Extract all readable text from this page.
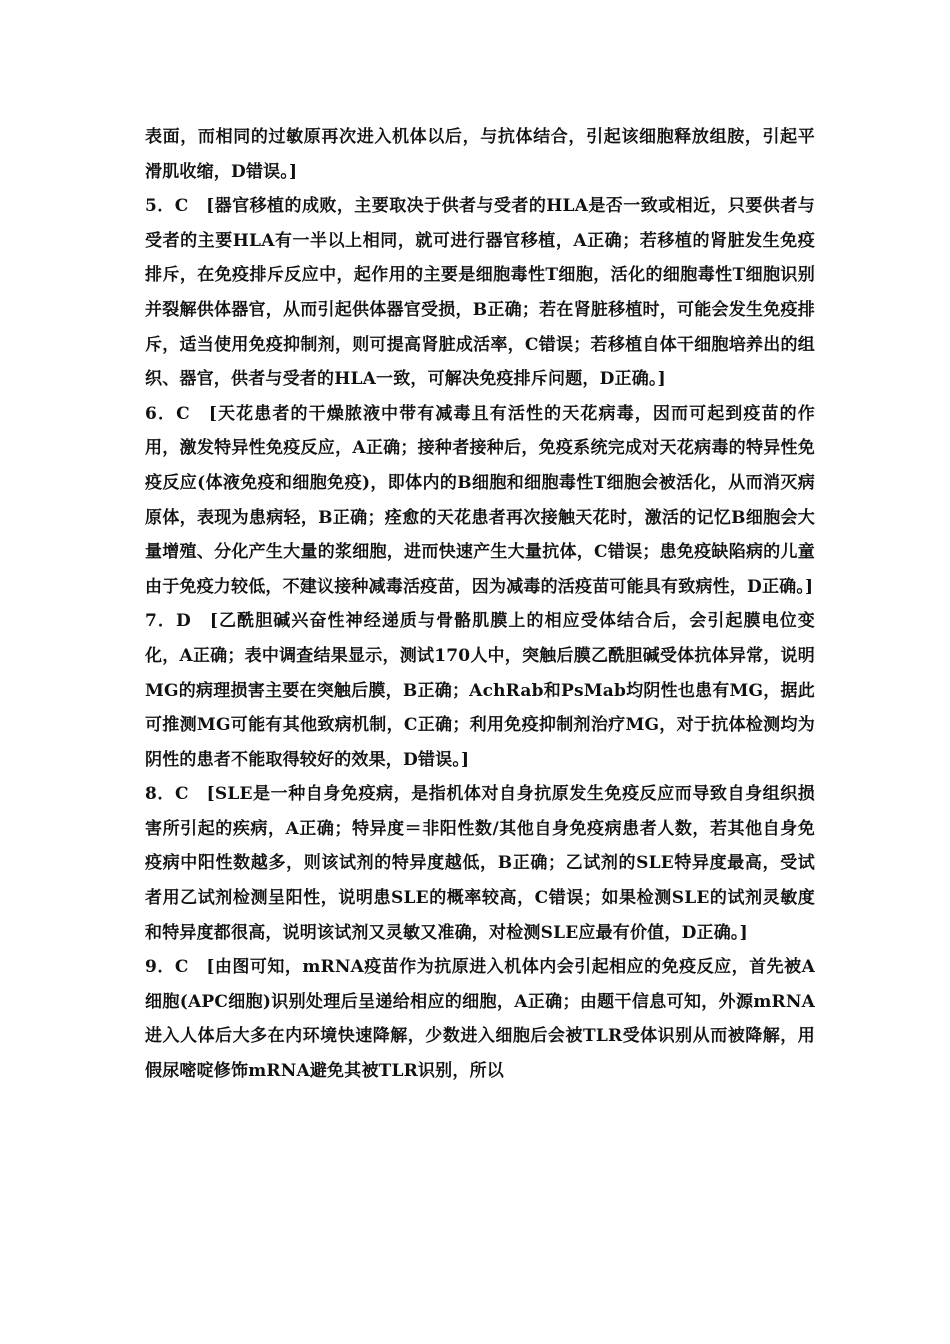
表面，而相同的过敏原再次进入机体以后，与抗体结合，引起该细胞释放组胺，引起平滑肌收缩，D错误。]

5．C　[器官移植的成败，主要取决于供者与受者的HLA是否一致或相近，只要供者与受者的主要HLA有一半以上相同，就可进行器官移植，A正确；若移植的肾脏发生免疫排斥，在免疫排斥反应中，起作用的主要是细胞毒性T细胞，活化的细胞毒性T细胞识别并裂解供体器官，从而引起供体器官受损，B正确；若在肾脏移植时，可能会发生免疫排斥，适当使用免疫抑制剂，则可提高肾脏成活率，C错误；若移植自体干细胞培养出的组织、器官，供者与受者的HLA一致，可解决免疫排斥问题，D正确。]

6．C　[天花患者的干燥脓液中带有减毒且有活性的天花病毒，因而可起到疫苗的作用，激发特异性免疫反应，A正确；接种者接种后，免疫系统完成对天花病毒的特异性免疫反应(体液免疫和细胞免疫)，即体内的B细胞和细胞毒性T细胞会被活化，从而消灭病原体，表现为患病轻，B正确；痊愈的天花患者再次接触天花时，激活的记忆B细胞会大量增殖、分化产生大量的浆细胞，进而快速产生大量抗体，C错误；患免疫缺陷病的儿童由于免疫力较低，不建议接种减毒活疫苗，因为减毒的活疫苗可能具有致病性，D正确。]

7．D　[乙酰胆碱兴奋性神经递质与骨骼肌膜上的相应受体结合后，会引起膜电位变化，A正确；表中调查结果显示，测试170人中，突触后膜乙酰胆碱受体抗体异常，说明MG的病理损害主要在突触后膜，B正确；AchRab和PsMab均阴性也患有MG，据此可推测MG可能有其他致病机制，C正确；利用免疫抑制剂治疗MG，对于抗体检测均为阴性的患者不能取得较好的效果，D错误。]

8．C　[SLE是一种自身免疫病，是指机体对自身抗原发生免疫反应而导致自身组织损害所引起的疾病，A正确；特异度＝非阳性数/其他自身免疫病患者人数，若其他自身免疫病中阳性数越多，则该试剂的特异度越低，B正确；乙试剂的SLE特异度最高，受试者用乙试剂检测呈阳性，说明患SLE的概率较高，C错误；如果检测SLE的试剂灵敏度和特异度都很高，说明该试剂又灵敏又准确，对检测SLE应最有价值，D正确。]

9．C　[由图可知，mRNA疫苗作为抗原进入机体内会引起相应的免疫反应，首先被A细胞(APC细胞)识别处理后呈递给相应的细胞，A正确；由题干信息可知，外源mRNA进入人体后大多在内环境快速降解，少数进入细胞后会被TLR受体识别从而被降解，用假尿嘧啶修饰mRNA避免其被TLR识别，所以
